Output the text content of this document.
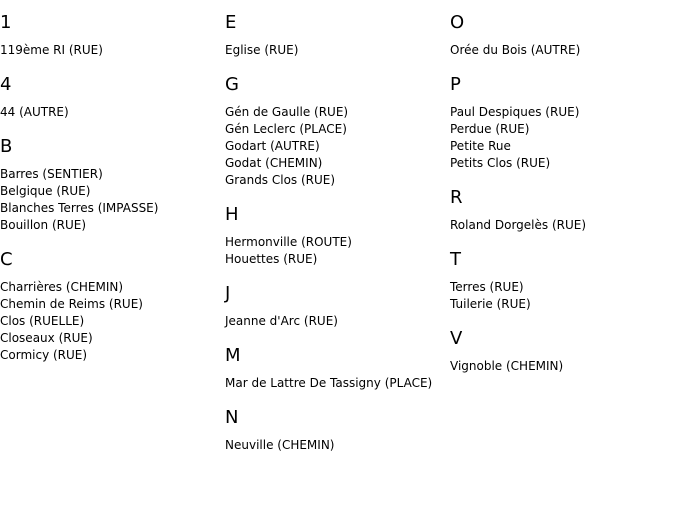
1
119ème RI (RUE)
4
44 (AUTRE)
B
Barres (SENTIER)
Belgique (RUE)
Blanches Terres (IMPASSE)
Bouillon (RUE)
C
Charrières (CHEMIN)
Chemin de Reims (RUE)
Clos (RUELLE)
Closeaux (RUE)
Cormicy (RUE)
E
Eglise (RUE)
G
Gén de Gaulle (RUE)
Gén Leclerc (PLACE)
Godart (AUTRE)
Godat (CHEMIN)
Grands Clos (RUE)
H
Hermonville (ROUTE)
Houettes (RUE)
J
Jeanne d'Arc (RUE)
M
Mar de Lattre De Tassigny (PLACE)
N
Neuville (CHEMIN)
O
Orée du Bois (AUTRE)
P
Paul Despiques (RUE)
Perdue (RUE)
Petite Rue
Petits Clos (RUE)
R
Roland Dorgelès (RUE)
T
Terres (RUE)
Tuilerie (RUE)
V
Vignoble (CHEMIN)
